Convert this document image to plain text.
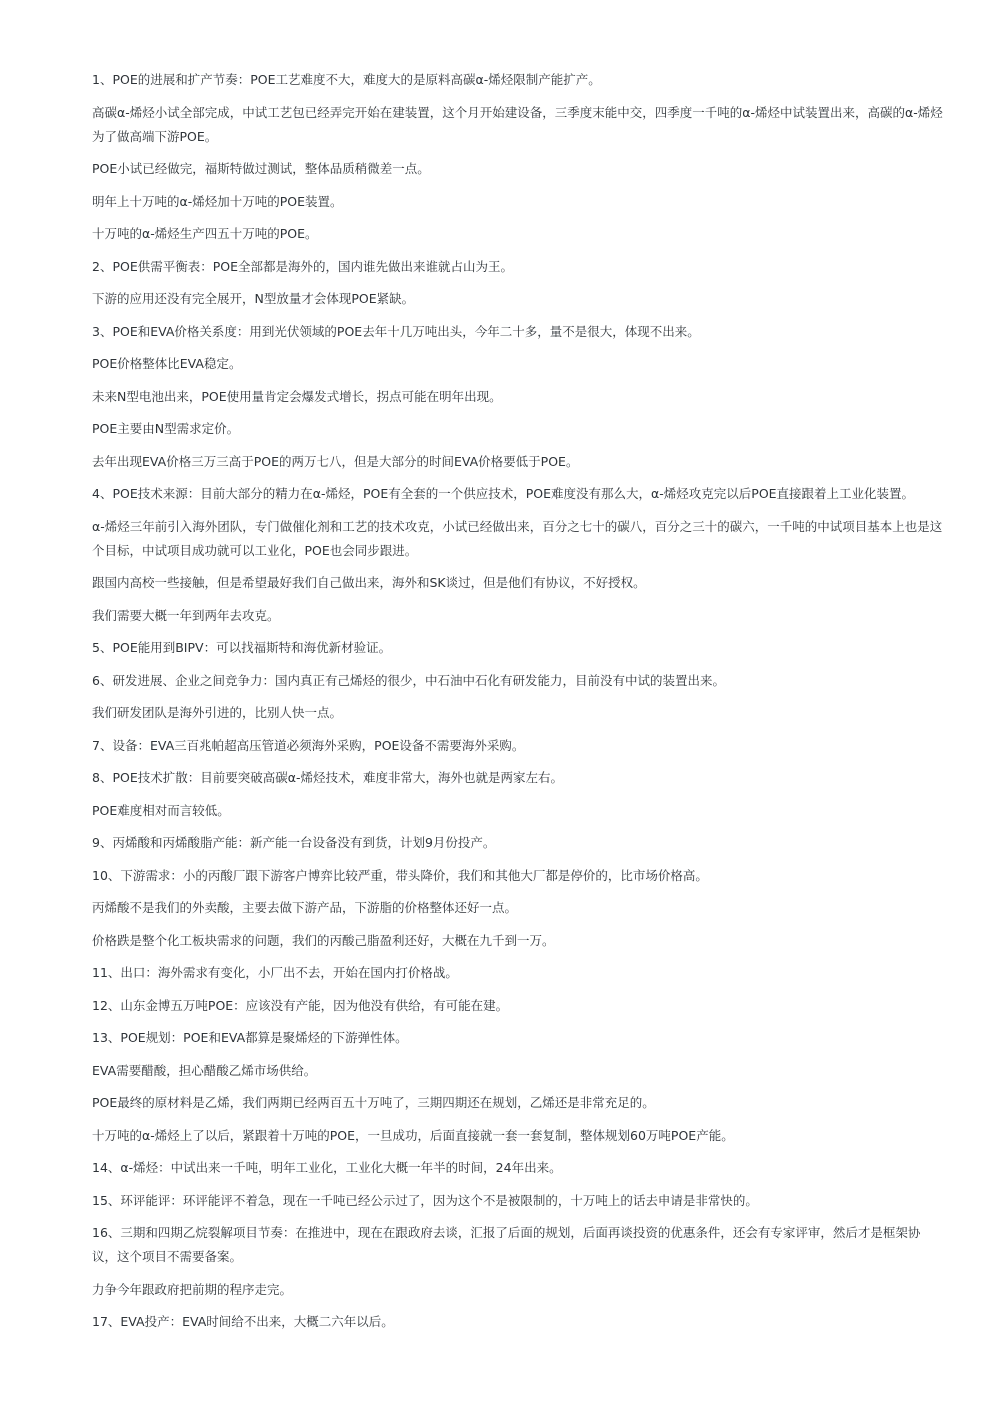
1、POE的进展和扩产节奏：POE工艺难度不大，难度大的是原料高碳α-烯烃限制产能扩产。

高碳α-烯烃小试全部完成，中试工艺包已经弄完开始在建装置，这个月开始建设备，三季度末能中交，四季度一千吨的α-烯烃中试装置出来，高碳的α-烯烃为了做高端下游POE。

POE小试已经做完，福斯特做过测试，整体品质稍微差一点。

明年上十万吨的α-烯烃加十万吨的POE装置。

十万吨的α-烯烃生产四五十万吨的POE。

2、POE供需平衡表：POE全部都是海外的，国内谁先做出来谁就占山为王。

下游的应用还没有完全展开，N型放量才会体现POE紧缺。

3、POE和EVA价格关系度：用到光伏领域的POE去年十几万吨出头，今年二十多，量不是很大，体现不出来。

POE价格整体比EVA稳定。

未来N型电池出来，POE使用量肯定会爆发式增长，拐点可能在明年出现。

POE主要由N型需求定价。

去年出现EVA价格三万三高于POE的两万七八，但是大部分的时间EVA价格要低于POE。

4、POE技术来源：目前大部分的精力在α-烯烃，POE有全套的一个供应技术，POE难度没有那么大，α-烯烃攻克完以后POE直接跟着上工业化装置。

α-烯烃三年前引入海外团队，专门做催化剂和工艺的技术攻克，小试已经做出来，百分之七十的碳八，百分之三十的碳六，一千吨的中试项目基本上也是这个目标，中试项目成功就可以工业化，POE也会同步跟进。

跟国内高校一些接触，但是希望最好我们自己做出来，海外和SK谈过，但是他们有协议，不好授权。

我们需要大概一年到两年去攻克。

5、POE能用到BIPV：可以找福斯特和海优新材验证。

6、研发进展、企业之间竞争力：国内真正有己烯烃的很少，中石油中石化有研发能力，目前没有中试的装置出来。

我们研发团队是海外引进的，比别人快一点。

7、设备：EVA三百兆帕超高压管道必须海外采购，POE设备不需要海外采购。

8、POE技术扩散：目前要突破高碳α-烯烃技术，难度非常大，海外也就是两家左右。

POE难度相对而言较低。

9、丙烯酸和丙烯酸脂产能：新产能一台设备没有到货，计划9月份投产。

10、下游需求：小的丙酸厂跟下游客户博弈比较严重，带头降价，我们和其他大厂都是停价的，比市场价格高。

丙烯酸不是我们的外卖酸，主要去做下游产品，下游脂的价格整体还好一点。

价格跌是整个化工板块需求的问题，我们的丙酸己脂盈利还好，大概在九千到一万。

11、出口：海外需求有变化，小厂出不去，开始在国内打价格战。

12、山东金博五万吨POE：应该没有产能，因为他没有供给，有可能在建。

13、POE规划：POE和EVA都算是聚烯烃的下游弹性体。

EVA需要醋酸，担心醋酸乙烯市场供给。

POE最终的原材料是乙烯，我们两期已经两百五十万吨了，三期四期还在规划，乙烯还是非常充足的。

十万吨的α-烯烃上了以后，紧跟着十万吨的POE，一旦成功，后面直接就一套一套复制，整体规划60万吨POE产能。

14、α-烯烃：中试出来一千吨，明年工业化，工业化大概一年半的时间，24年出来。

15、环评能评：环评能评不着急，现在一千吨已经公示过了，因为这个不是被限制的，十万吨上的话去申请是非常快的。

16、三期和四期乙烷裂解项目节奏：在推进中，现在在跟政府去谈，汇报了后面的规划，后面再谈投资的优惠条件，还会有专家评审，然后才是框架协议，这个项目不需要备案。

力争今年跟政府把前期的程序走完。

17、EVA投产：EVA时间给不出来，大概二六年以后。
